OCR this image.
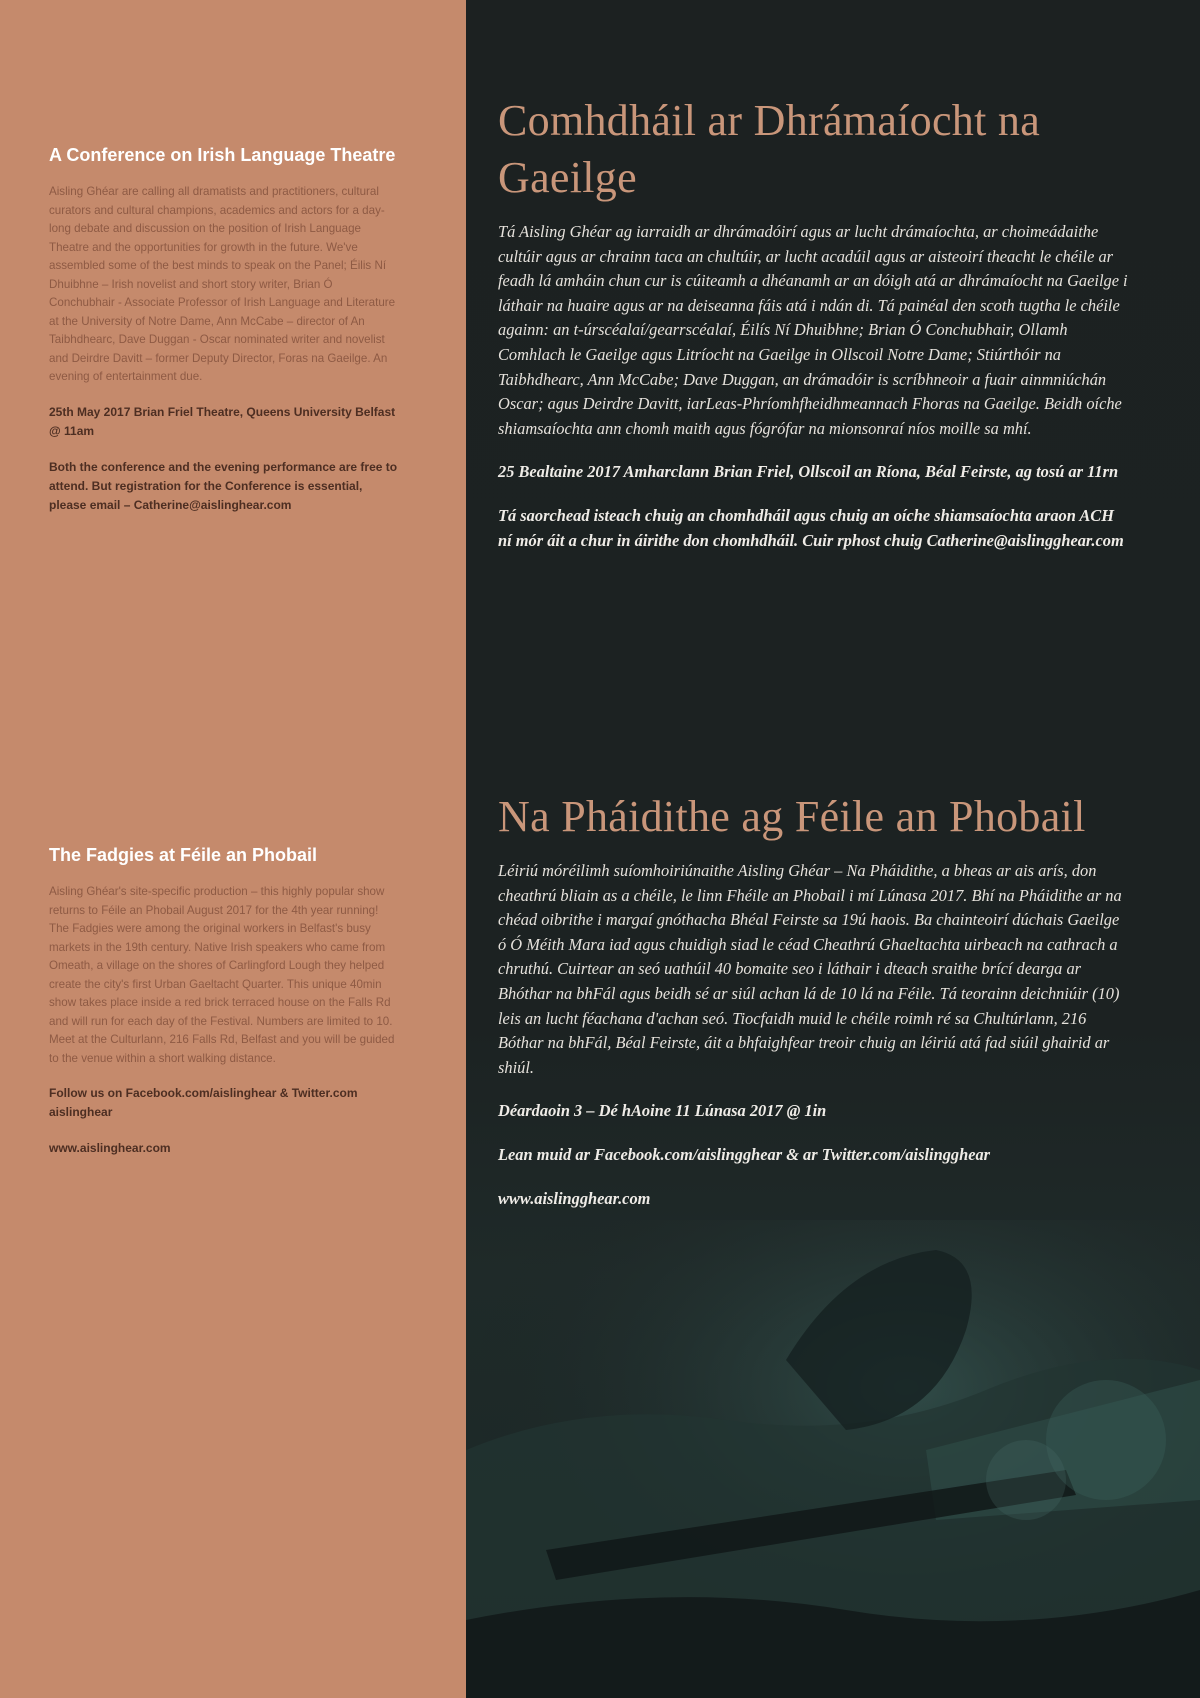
A Conference on Irish Language Theatre

Aisling Ghéar are calling all dramatists and practitioners, cultural curators and cultural champions, academics and actors for a day-long debate and discussion on the position of Irish Language Theatre and the opportunities for growth in the future. We've assembled some of the best minds to speak on the Panel; Éilis Ní Dhuibhne – Irish novelist and short story writer, Brian Ó Conchubhair - Associate Professor of Irish Language and Literature at the University of Notre Dame, Ann McCabe – director of An Taibhdhearc, Dave Duggan - Oscar nominated writer and novelist and Deirdre Davitt – former Deputy Director, Foras na Gaeilge. An evening of entertainment due.

25th May 2017 Brian Friel Theatre, Queens University Belfast @ 11am

Both the conference and the evening performance are free to attend. But registration for the Conference is essential, please email – Catherine@aislinghear.com

The Fadgies at Féile an Phobail

Aisling Ghéar's site-specific production – this highly popular show returns to Féile an Phobail August 2017 for the 4th year running! The Fadgies were among the original workers in Belfast's busy markets in the 19th century. Native Irish speakers who came from Omeath, a village on the shores of Carlingford Lough they helped create the city's first Urban Gaeltacht Quarter. This unique 40min show takes place inside a red brick terraced house on the Falls Rd and will run for each day of the Festival. Numbers are limited to 10. Meet at the Culturlann, 216 Falls Rd, Belfast and you will be guided to the venue within a short walking distance.

Follow us on Facebook.com/aislinghear & Twitter.com aislinghear

www.aislinghear.com

Comhdháil ar Dhrámaíocht na Gaeilge

Tá Aisling Ghéar ag iarraidh ar dhrámadóirí agus ar lucht drámaíochta, ar choimeádaithe cultúir agus ar chrainn taca an chultúir, ar lucht acadúil agus ar aisteoirí theacht le chéile ar feadh lá amháin chun cur is cúiteamh a dhéanamh ar an dóigh atá ar dhrámaíocht na Gaeilge i láthair na huaire agus ar na deiseanna fáis atá i ndán di. Tá painéal den scoth tugtha le chéile againn: an t-úrscéalaí/gearrscéalaí, Éilís Ní Dhuibhne; Brian Ó Conchubhair, Ollamh Comhlach le Gaeilge agus Litríocht na Gaeilge in Ollscoil Notre Dame; Stiúrthóir na Taibhdhearc, Ann McCabe; Dave Duggan, an drámadóir is scríbhneoir a fuair ainmniúchán Oscar; agus Deirdre Davitt, iarLeas-Phríomhfheidhmeannach Fhoras na Gaeilge. Beidh oíche shiamsaíochta ann chomh maith agus fógrófar na mionsonraí níos moille sa mhí.

25 Bealtaine 2017 Amharclann Brian Friel, Ollscoil an Ríona, Béal Feirste, ag tosú ar 11rn

Tá saorchead isteach chuig an chomhdháil agus chuig an oíche shiamsaíochta araon ACH ní mór áit a chur in áirithe don chomhdháil. Cuir rphost chuig Catherine@aislingghear.com

Na Pháidithe ag Féile an Phobail

Léiriú móréilimh suíomhoiriúnaithe Aisling Ghéar – Na Pháidithe, a bheas ar ais arís, don cheathrú bliain as a chéile, le linn Fhéile an Phobail i mí Lúnasa 2017. Bhí na Pháidithe ar na chéad oibrithe i margaí gnóthacha Bhéal Feirste sa 19ú haois. Ba chainteoirí dúchais Gaeilge ó Ó Méith Mara iad agus chuidigh siad le céad Cheathrú Ghaeltachta uirbeach na cathrach a chruthú. Cuirtear an seó uathúil 40 bomaite seo i láthair i dteach sraithe brící dearga ar Bhóthar na bhFál agus beidh sé ar siúl achan lá de 10 lá na Féile. Tá teorainn deichniúir (10) leis an lucht féachana d'achan seó. Tiocfaidh muid le chéile roimh ré sa Chultúrlann, 216 Bóthar na bhFál, Béal Feirste, áit a bhfaighfear treoir chuig an léiriú atá fad siúil ghairid ar shiúl.

Déardaoin 3 – Dé hAoine 11 Lúnasa 2017 @ 1in

Lean muid ar Facebook.com/aislingghear & ar Twitter.com/aislingghear

www.aislingghear.com
